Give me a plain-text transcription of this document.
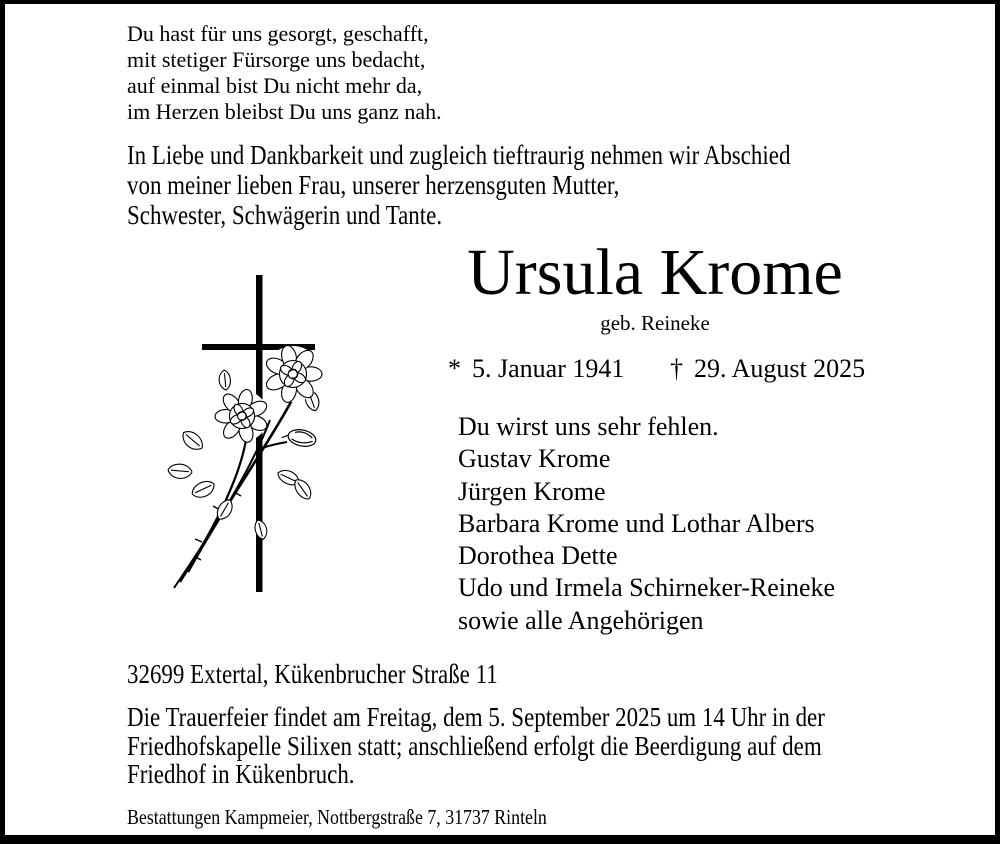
Du hast für uns gesorgt, geschafft,
mit stetiger Fürsorge uns bedacht,
auf einmal bist Du nicht mehr da,
im Herzen bleibst Du uns ganz nah.
In Liebe und Dankbarkeit und zugleich tieftraurig nehmen wir Abschied
von meiner lieben Frau, unserer herzensguten Mutter,
Schwester, Schwägerin und Tante.
Ursula Krome
geb. Reineke
* 5. Januar 1941 † 29. August 2025
Du wirst uns sehr fehlen.
Gustav Krome
Jürgen Krome
Barbara Krome und Lothar Albers
Dorothea Dette
Udo und Irmela Schirneker-Reineke
sowie alle Angehörigen
32699 Extertal, Kükenbrucher Straße 11
Die Trauerfeier findet am Freitag, dem 5. September 2025 um 14 Uhr in der
Friedhofskapelle Silixen statt; anschließend erfolgt die Beerdigung auf dem
Friedhof in Kükenbruch.
Bestattungen Kampmeier, Nottbergstraße 7, 31737 Rinteln
